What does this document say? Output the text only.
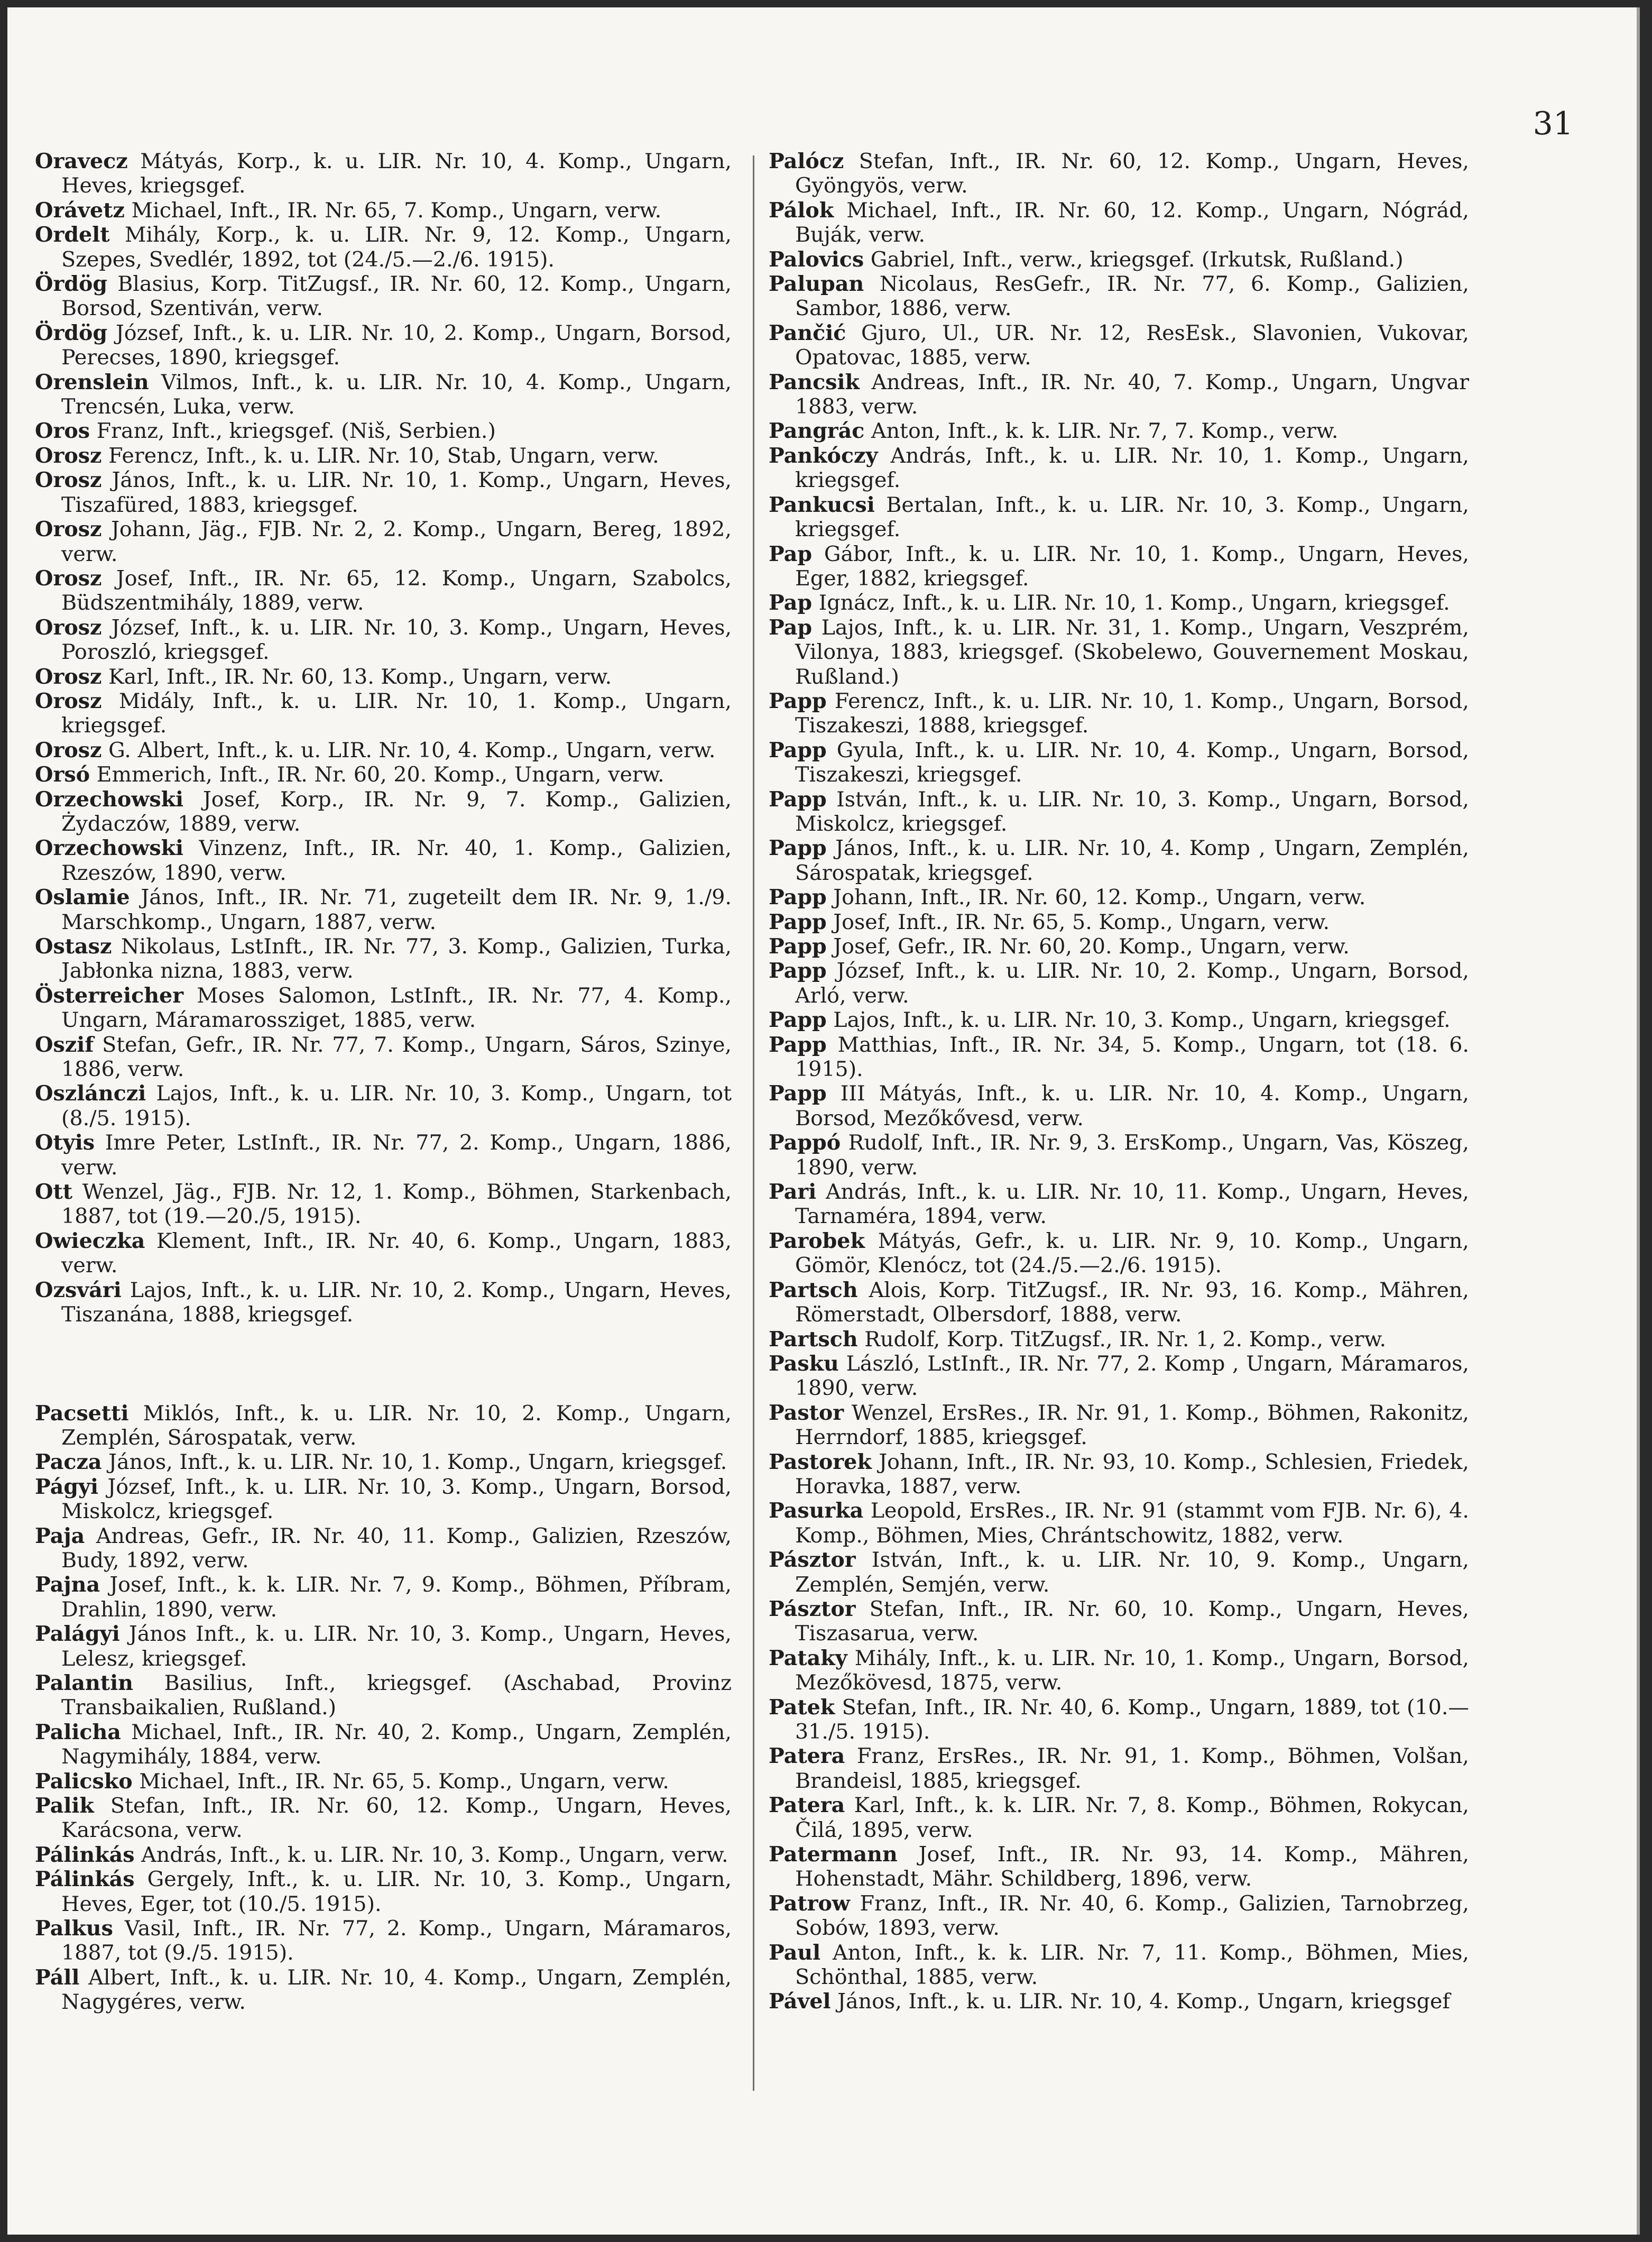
31

Oravecz Mátyás, Korp., k. u. LIR. Nr. 10, 4. Komp., Ungarn, Heves, kriegsgef.

Orávetz Michael, Inft., IR. Nr. 65, 7. Komp., Ungarn, verw.

Ordelt Mihály, Korp., k. u. LIR. Nr. 9, 12. Komp., Ungarn, Szepes, Svedlér, 1892, tot (24./5.—2./6. 1915).

Ördög Blasius, Korp. TitZugsf., IR. Nr. 60, 12. Komp., Ungarn, Borsod, Szentiván, verw.

Ördög József, Inft., k. u. LIR. Nr. 10, 2. Komp., Ungarn, Borsod, Perecses, 1890, kriegsgef.

Orenslein Vilmos, Inft., k. u. LIR. Nr. 10, 4. Komp., Ungarn, Trencsén, Luka, verw.

Oros Franz, Inft., kriegsgef. (Niš, Serbien.)

Orosz Ferencz, Inft., k. u. LIR. Nr. 10, Stab, Ungarn, verw.

Orosz János, Inft., k. u. LIR. Nr. 10, 1. Komp., Ungarn, Heves, Tiszafüred, 1883, kriegsgef.

Orosz Johann, Jäg., FJB. Nr. 2, 2. Komp., Ungarn, Bereg, 1892, verw.

Orosz Josef, Inft., IR. Nr. 65, 12. Komp., Ungarn, Szabolcs, Büdszentmihály, 1889, verw.

Orosz József, Inft., k. u. LIR. Nr. 10, 3. Komp., Ungarn, Heves, Poroszló, kriegsgef.

Orosz Karl, Inft., IR. Nr. 60, 13. Komp., Ungarn, verw.

Orosz Midály, Inft., k. u. LIR. Nr. 10, 1. Komp., Ungarn, kriegsgef.

Orosz G. Albert, Inft., k. u. LIR. Nr. 10, 4. Komp., Ungarn, verw.

Orsó Emmerich, Inft., IR. Nr. 60, 20. Komp., Ungarn, verw.

Orzechowski Josef, Korp., IR. Nr. 9, 7. Komp., Galizien, Żydaczów, 1889, verw.

Orzechowski Vinzenz, Inft., IR. Nr. 40, 1. Komp., Galizien, Rzeszów, 1890, verw.

Oslamie János, Inft., IR. Nr. 71, zugeteilt dem IR. Nr. 9, 1./9. Marschkomp., Ungarn, 1887, verw.

Ostasz Nikolaus, LstInft., IR. Nr. 77, 3. Komp., Galizien, Turka, Jabłonka nizna, 1883, verw.

Österreicher Moses Salomon, LstInft., IR. Nr. 77, 4. Komp., Ungarn, Máramarossziget, 1885, verw.

Oszif Stefan, Gefr., IR. Nr. 77, 7. Komp., Ungarn, Sáros, Szinye, 1886, verw.

Oszlánczi Lajos, Inft., k. u. LIR. Nr. 10, 3. Komp., Ungarn, tot (8./5. 1915).

Otyis Imre Peter, LstInft., IR. Nr. 77, 2. Komp., Ungarn, 1886, verw.

Ott Wenzel, Jäg., FJB. Nr. 12, 1. Komp., Böhmen, Starkenbach, 1887, tot (19.—20./5, 1915).

Owieczka Klement, Inft., IR. Nr. 40, 6. Komp., Ungarn, 1883, verw.

Ozsvári Lajos, Inft., k. u. LIR. Nr. 10, 2. Komp., Ungarn, Heves, Tiszanána, 1888, kriegsgef.

Pacsetti Miklós, Inft., k. u. LIR. Nr. 10, 2. Komp., Ungarn, Zemplén, Sárospatak, verw.

Pacza János, Inft., k. u. LIR. Nr. 10, 1. Komp., Ungarn, kriegsgef.

Págyi József, Inft., k. u. LIR. Nr. 10, 3. Komp., Ungarn, Borsod, Miskolcz, kriegsgef.

Paja Andreas, Gefr., IR. Nr. 40, 11. Komp., Galizien, Rzeszów, Budy, 1892, verw.

Pajna Josef, Inft., k. k. LIR. Nr. 7, 9. Komp., Böhmen, Příbram, Drahlin, 1890, verw.

Palágyi János Inft., k. u. LIR. Nr. 10, 3. Komp., Ungarn, Heves, Lelesz, kriegsgef.

Palantin Basilius, Inft., kriegsgef. (Aschabad, Provinz Transbaikalien, Rußland.)

Palicha Michael, Inft., IR. Nr. 40, 2. Komp., Ungarn, Zemplén, Nagymihály, 1884, verw.

Palicsko Michael, Inft., IR. Nr. 65, 5. Komp., Ungarn, verw.

Palik Stefan, Inft., IR. Nr. 60, 12. Komp., Ungarn, Heves, Karácsona, verw.

Pálinkás András, Inft., k. u. LIR. Nr. 10, 3. Komp., Ungarn, verw.

Pálinkás Gergely, Inft., k. u. LIR. Nr. 10, 3. Komp., Ungarn, Heves, Eger, tot (10./5. 1915).

Palkus Vasil, Inft., IR. Nr. 77, 2. Komp., Ungarn, Máramaros, 1887, tot (9./5. 1915).

Páll Albert, Inft., k. u. LIR. Nr. 10, 4. Komp., Ungarn, Zemplén, Nagygéres, verw.

Palócz Stefan, Inft., IR. Nr. 60, 12. Komp., Ungarn, Heves, Gyöngyös, verw.

Pálok Michael, Inft., IR. Nr. 60, 12. Komp., Ungarn, Nógrád, Buják, verw.

Palovics Gabriel, Inft., verw., kriegsgef. (Irkutsk, Rußland.)

Palupan Nicolaus, ResGefr., IR. Nr. 77, 6. Komp., Galizien, Sambor, 1886, verw.

Pančić Gjuro, Ul., UR. Nr. 12, ResEsk., Slavonien, Vukovar, Opatovac, 1885, verw.

Pancsik Andreas, Inft., IR. Nr. 40, 7. Komp., Ungarn, Ungvar 1883, verw.

Pangrác Anton, Inft., k. k. LIR. Nr. 7, 7. Komp., verw.

Pankóczy András, Inft., k. u. LIR. Nr. 10, 1. Komp., Ungarn, kriegsgef.

Pankucsi Bertalan, Inft., k. u. LIR. Nr. 10, 3. Komp., Ungarn, kriegsgef.

Pap Gábor, Inft., k. u. LIR. Nr. 10, 1. Komp., Ungarn, Heves, Eger, 1882, kriegsgef.

Pap Ignácz, Inft., k. u. LIR. Nr. 10, 1. Komp., Ungarn, kriegsgef.

Pap Lajos, Inft., k. u. LIR. Nr. 31, 1. Komp., Ungarn, Veszprém, Vilonya, 1883, kriegsgef. (Skobelewo, Gouvernement Moskau, Rußland.)

Papp Ferencz, Inft., k. u. LIR. Nr. 10, 1. Komp., Ungarn, Borsod, Tiszakeszi, 1888, kriegsgef.

Papp Gyula, Inft., k. u. LIR. Nr. 10, 4. Komp., Ungarn, Borsod, Tiszakeszi, kriegsgef.

Papp István, Inft., k. u. LIR. Nr. 10, 3. Komp., Ungarn, Borsod, Miskolcz, kriegsgef.

Papp János, Inft., k. u. LIR. Nr. 10, 4. Komp , Ungarn, Zemplén, Sárospatak, kriegsgef.

Papp Johann, Inft., IR. Nr. 60, 12. Komp., Ungarn, verw.

Papp Josef, Inft., IR. Nr. 65, 5. Komp., Ungarn, verw.

Papp Josef, Gefr., IR. Nr. 60, 20. Komp., Ungarn, verw.

Papp József, Inft., k. u. LIR. Nr. 10, 2. Komp., Ungarn, Borsod, Arló, verw.

Papp Lajos, Inft., k. u. LIR. Nr. 10, 3. Komp., Ungarn, kriegsgef.

Papp Matthias, Inft., IR. Nr. 34, 5. Komp., Ungarn, tot (18. 6. 1915).

Papp III Mátyás, Inft., k. u. LIR. Nr. 10, 4. Komp., Ungarn, Borsod, Mezőkővesd, verw.

Pappó Rudolf, Inft., IR. Nr. 9, 3. ErsKomp., Ungarn, Vas, Köszeg, 1890, verw.

Pari András, Inft., k. u. LIR. Nr. 10, 11. Komp., Ungarn, Heves, Tarnaméra, 1894, verw.

Parobek Mátyás, Gefr., k. u. LIR. Nr. 9, 10. Komp., Ungarn, Gömör, Klenócz, tot (24./5.—2./6. 1915).

Partsch Alois, Korp. TitZugsf., IR. Nr. 93, 16. Komp., Mähren, Römerstadt, Olbersdorf, 1888, verw.

Partsch Rudolf, Korp. TitZugsf., IR. Nr. 1, 2. Komp., verw.

Pasku László, LstInft., IR. Nr. 77, 2. Komp , Ungarn, Máramaros, 1890, verw.

Pastor Wenzel, ErsRes., IR. Nr. 91, 1. Komp., Böhmen, Rakonitz, Herrndorf, 1885, kriegsgef.

Pastorek Johann, Inft., IR. Nr. 93, 10. Komp., Schlesien, Friedek, Horavka, 1887, verw.

Pasurka Leopold, ErsRes., IR. Nr. 91 (stammt vom FJB. Nr. 6), 4. Komp., Böhmen, Mies, Chrántschowitz, 1882, verw.

Pásztor István, Inft., k. u. LIR. Nr. 10, 9. Komp., Ungarn, Zemplén, Semjén, verw.

Pásztor Stefan, Inft., IR. Nr. 60, 10. Komp., Ungarn, Heves, Tiszasarua, verw.

Pataky Mihály, Inft., k. u. LIR. Nr. 10, 1. Komp., Ungarn, Borsod, Mezőkövesd, 1875, verw.

Patek Stefan, Inft., IR. Nr. 40, 6. Komp., Ungarn, 1889, tot (10.—31./5. 1915).

Patera Franz, ErsRes., IR. Nr. 91, 1. Komp., Böhmen, Volšan, Brandeisl, 1885, kriegsgef.

Patera Karl, Inft., k. k. LIR. Nr. 7, 8. Komp., Böhmen, Rokycan, Čilá, 1895, verw.

Patermann Josef, Inft., IR. Nr. 93, 14. Komp., Mähren, Hohenstadt, Mähr. Schildberg, 1896, verw.

Patrow Franz, Inft., IR. Nr. 40, 6. Komp., Galizien, Tarnobrzeg, Sobów, 1893, verw.

Paul Anton, Inft., k. k. LIR. Nr. 7, 11. Komp., Böhmen, Mies, Schönthal, 1885, verw.

Pável János, Inft., k. u. LIR. Nr. 10, 4. Komp., Ungarn, kriegsgef
